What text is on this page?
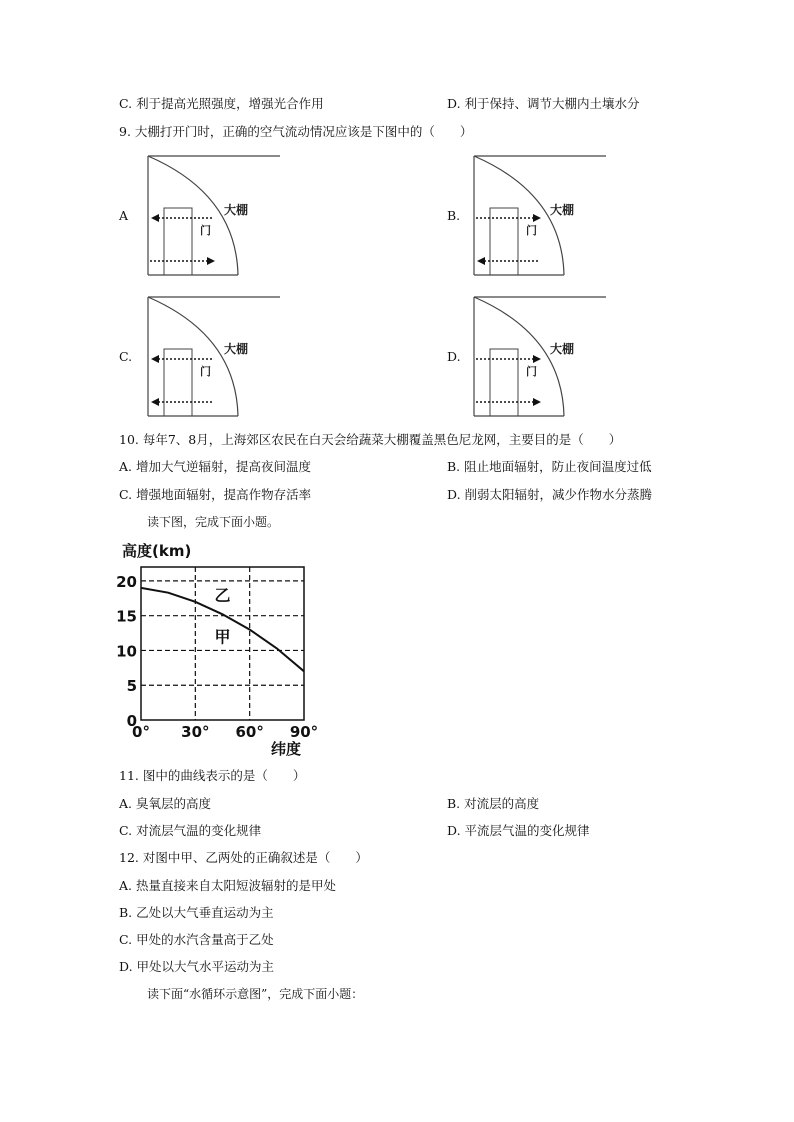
C. 利于提高光照强度，增强光合作用	D. 利于保持、调节大棚内土壤水分
9. 大棚打开门时，正确的空气流动情况应该是下图中的（　　）
A	B.
C.	D.
大棚
门
大棚
门
大棚
门
大棚
门
10. 每年7、8月，上海郊区农民在白天会给蔬菜大棚覆盖黑色尼龙网，主要目的是（　　）
A. 增加大气逆辐射，提高夜间温度	B. 阻止地面辐射，防止夜间温度过低
C. 增强地面辐射，提高作物存活率	D. 削弱太阳辐射，减少作物水分蒸腾
读下图，完成下面小题。
高度(km)
纬度
0
5
10
15
20
0° 30° 60° 90°
乙
甲
11. 图中的曲线表示的是（　　）
A. 臭氧层的高度	B. 对流层的高度
C. 对流层气温的变化规律	D. 平流层气温的变化规律
12. 对图中甲、乙两处的正确叙述是（　　）
A. 热量直接来自太阳短波辐射的是甲处
B. 乙处以大气垂直运动为主
C. 甲处的水汽含量高于乙处
D. 甲处以大气水平运动为主
读下面“水循环示意图”，完成下面小题：
